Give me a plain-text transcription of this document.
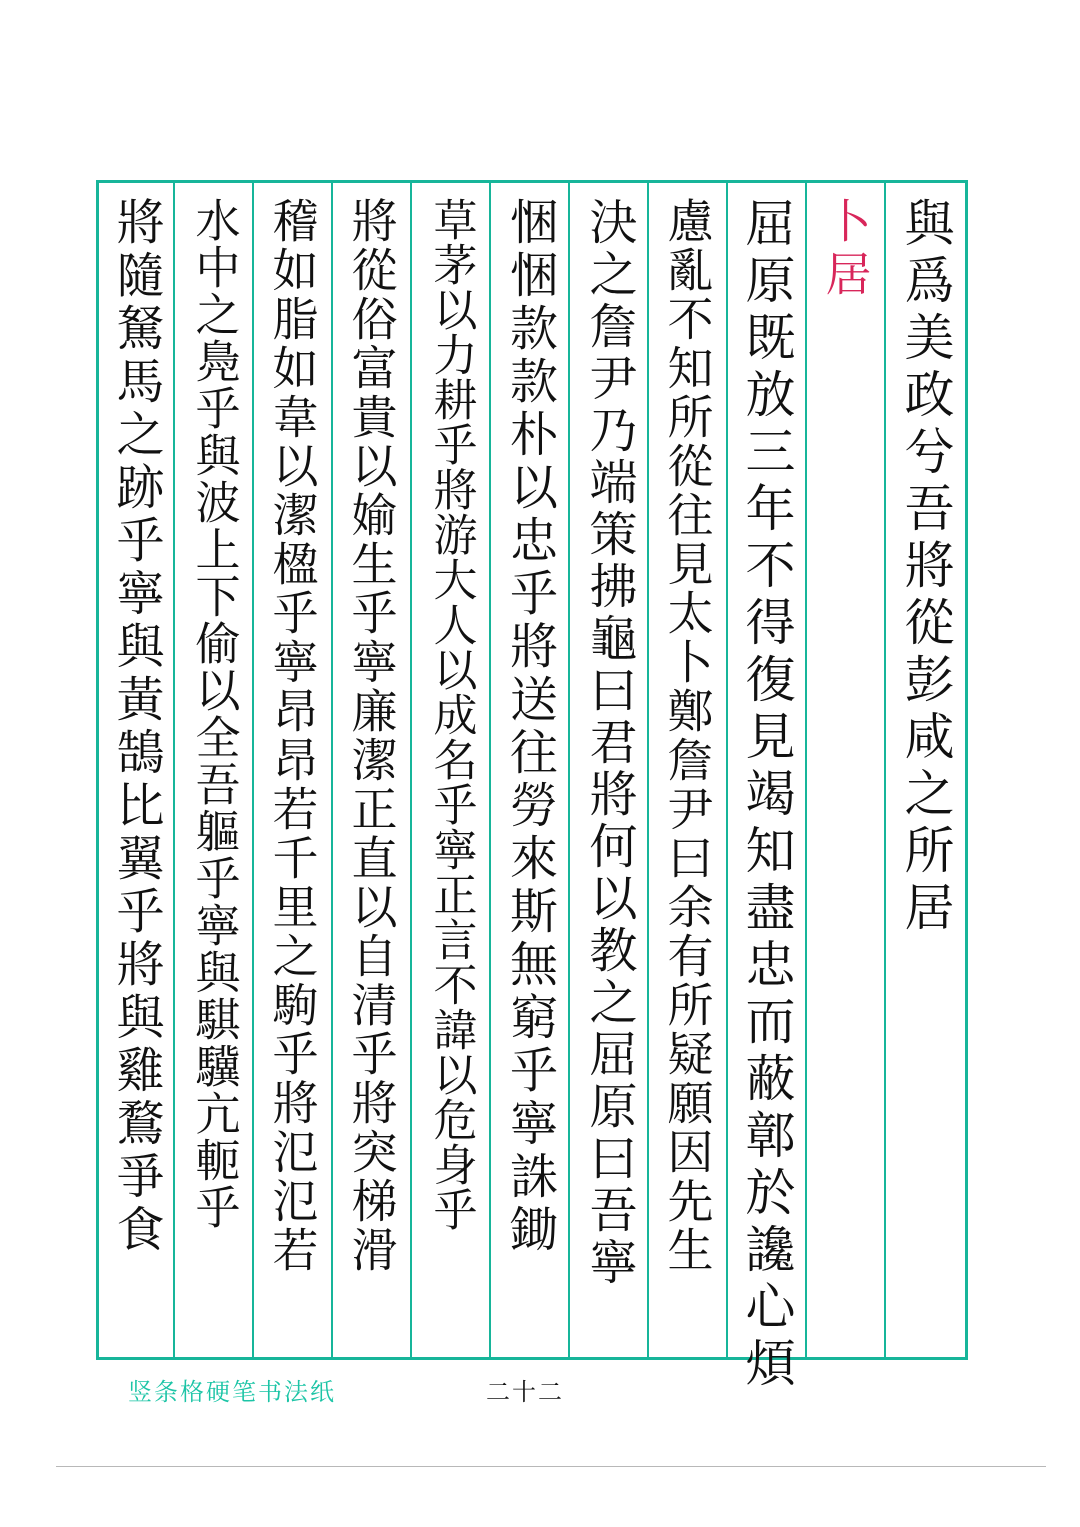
與爲美政兮吾將從彭咸之所居
卜居
屈原既放三年不得復見竭知盡忠而蔽鄣於讒心煩
慮亂不知所從往見太卜鄭詹尹曰余有所疑願因先生
決之詹尹乃端策拂龜曰君將何以教之屈原曰吾寧
悃悃款款朴以忠乎將送往勞來斯無窮乎寧誅鋤
草茅以力耕乎將游大人以成名乎寧正言不諱以危身乎
將從俗富貴以媮生乎寧廉潔正直以自清乎將突梯滑
稽如脂如韋以潔楹乎寧昂昂若千里之駒乎將氾氾若
水中之鳧乎與波上下偷以全吾軀乎寧與騏驥亢軛乎
將隨駑馬之跡乎寧與黃鵠比翼乎將與雞鶩爭食
竖条格硬笔书法纸	二十二
